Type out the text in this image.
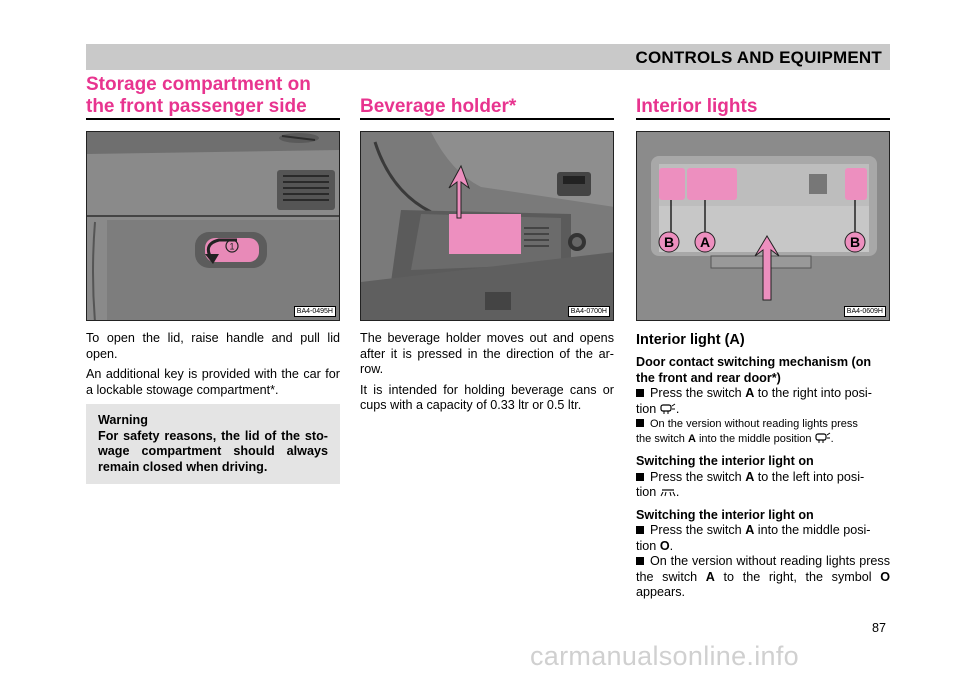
CONTROLS AND EQUIPMENT
Storage compartment on the front passenger side
1
BA4-0495H

To open the lid, raise handle and pull lid open.

An additional key is provided with the car for a lockable stowage compartment*.

Warning
For safety reasons, the lid of the sto-wage compartment should always remain closed when driving.
Beverage holder*
BA4-0700H

The beverage holder moves out and opens after it is pressed in the direction of the ar-row.

It is intended for holding beverage cans or cups with a capacity of 0.33 ltr or 0.5 ltr.

Interior lights
B A	B
BA4-0609H
Interior light (A)
Door contact switching mechanism (on the front and rear door*)

Press the switch A to the right into posi-
tion .

On the version without reading lights press
the switch A into the middle position .

Switching the interior light on

Press the switch A to the left into posi-
tion .

Switching the interior light on

Press the switch A into the middle posi-
tion O.

On the version without reading lights press the switch A to the right, the symbol O appears.

87
carmanualsonline.info
